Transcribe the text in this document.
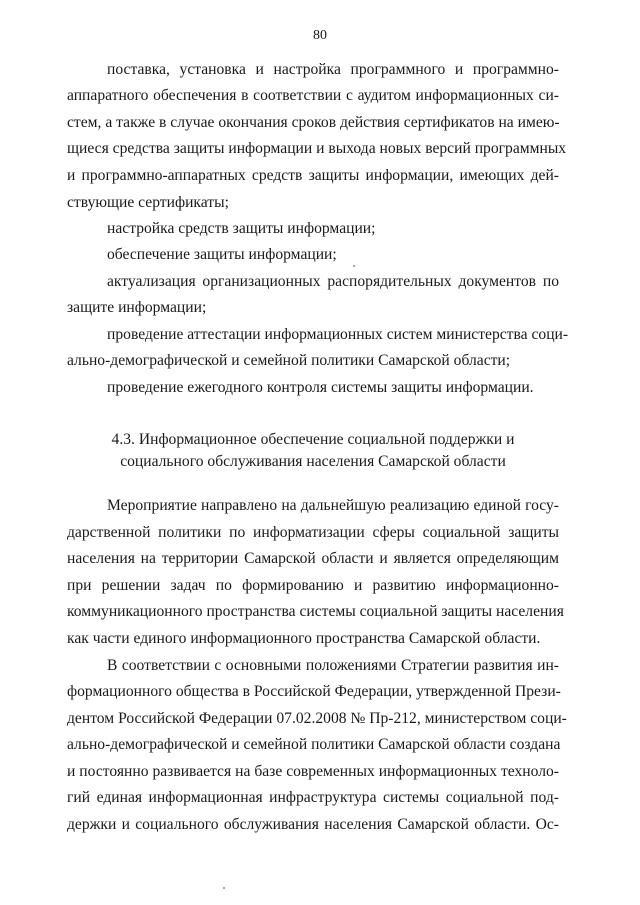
80
поставка, установка и настройка программного и программно-
аппаратного обеспечения в соответствии с аудитом информационных си-
стем, а также в случае окончания сроков действия сертификатов на имею-
щиеся средства защиты информации и выхода новых версий программных
и программно-аппаратных средств защиты информации, имеющих дей-
ствующие сертификаты;
настройка средств защиты информации;
обеспечение защиты информации;
актуализация организационных распорядительных документов по
защите информации;
проведение аттестации информационных систем министерства соци-
ально-демографической и семейной политики Самарской области;
проведение ежегодного контроля системы защиты информации.
4.3. Информационное обеспечение социальной поддержки и
социального обслуживания населения Самарской области
Мероприятие направлено на дальнейшую реализацию единой госу-
дарственной политики по информатизации сферы социальной защиты
населения на территории Самарской области и является определяющим
при решении задач по формированию и развитию информационно-
коммуникационного пространства системы социальной защиты населения
как части единого информационного пространства Самарской области.
В соответствии с основными положениями Стратегии развития ин-
формационного общества в Российской Федерации, утвержденной Прези-
дентом Российской Федерации 07.02.2008 № Пр-212, министерством соци-
ально-демографической и семейной политики Самарской области создана
и постоянно развивается на базе современных информационных техноло-
гий единая информационная инфраструктура системы социальной под-
держки и социального обслуживания населения Самарской области. Ос-
